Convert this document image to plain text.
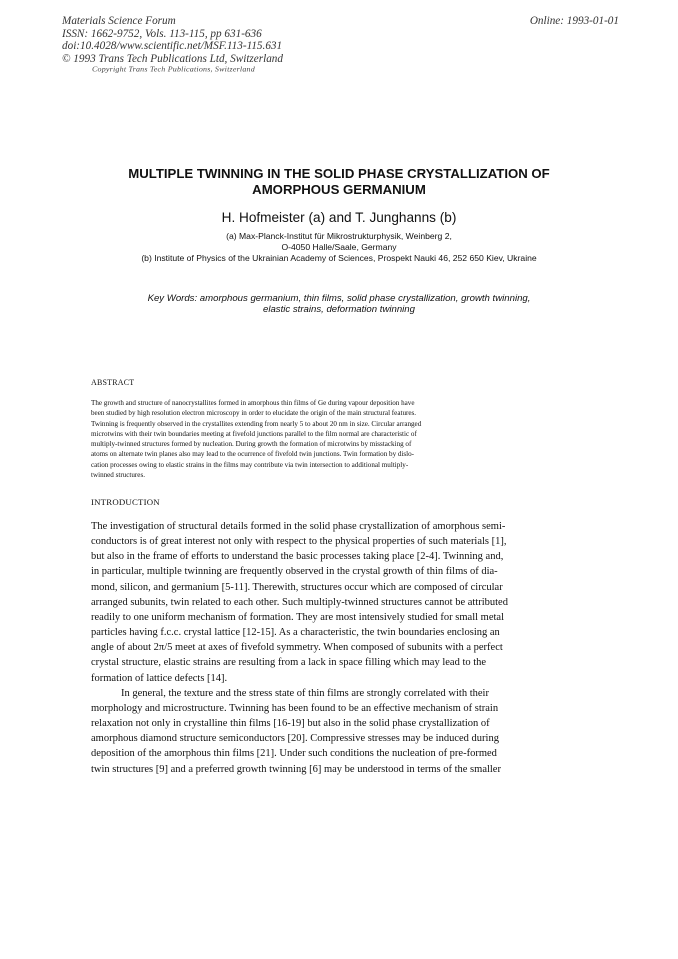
Materials Science Forum
ISSN: 1662-9752, Vols. 113-115, pp 631-636
doi:10.4028/www.scientific.net/MSF.113-115.631
© 1993 Trans Tech Publications Ltd, Switzerland
Online: 1993-01-01
Copyright Trans Tech Publications, Switzerland
MULTIPLE TWINNING IN THE SOLID PHASE CRYSTALLIZATION OF
AMORPHOUS GERMANIUM
H. Hofmeister (a) and T. Junghanns (b)
(a) Max-Planck-Institut für Mikrostrukturphysik, Weinberg 2,
O-4050 Halle/Saale, Germany
(b) Institute of Physics of the Ukrainian Academy of Sciences, Prospekt Nauki 46, 252 650 Kiev, Ukraine
Key Words: amorphous germanium, thin films, solid phase crystallization, growth twinning,
elastic strains, deformation twinning
ABSTRACT
The growth and structure of nanocrystallites formed in amorphous thin films of Ge during vapour deposition have
been studied by high resolution electron microscopy in order to elucidate the origin of the main structural features.
Twinning is frequently observed in the crystallites extending from nearly 5 to about 20 nm in size. Circular arranged
microtwins with their twin boundaries meeting at fivefold junctions parallel to the film normal are characteristic of
multiply-twinned structures formed by nucleation. During growth the formation of microtwins by misstacking of
atoms on alternate twin planes also may lead to the ocurrence of fivefold twin junctions. Twin formation by dislo-
cation processes owing to elastic strains in the films may contribute via twin intersection to additional multiply-
twinned structures.
INTRODUCTION
The investigation of structural details formed in the solid phase crystallization of amorphous semi-
conductors is of great interest not only with respect to the physical properties of such materials [1],
but also in the frame of efforts to understand the basic processes taking place [2-4]. Twinning and,
in particular, multiple twinning are frequently observed in the crystal growth of thin films of dia-
mond, silicon, and germanium [5-11]. Therewith, structures occur which are composed of circular
arranged subunits, twin related to each other. Such multiply-twinned structures cannot be attributed
readily to one uniform mechanism of formation. They are most intensively studied for small metal
particles having f.c.c. crystal lattice [12-15]. As a characteristic, the twin boundaries enclosing an
angle of about 2π/5 meet at axes of fivefold symmetry. When composed of subunits with a perfect
crystal structure, elastic strains are resulting from a lack in space filling which may lead to the
formation of lattice defects [14].
In general, the texture and the stress state of thin films are strongly correlated with their
morphology and microstructure. Twinning has been found to be an effective mechanism of strain
relaxation not only in crystalline thin films [16-19] but also in the solid phase crystallization of
amorphous diamond structure semiconductors [20]. Compressive stresses may be induced during
deposition of the amorphous thin films [21]. Under such conditions the nucleation of pre-formed
twin structures [9] and a preferred growth twinning [6] may be understood in terms of the smaller
